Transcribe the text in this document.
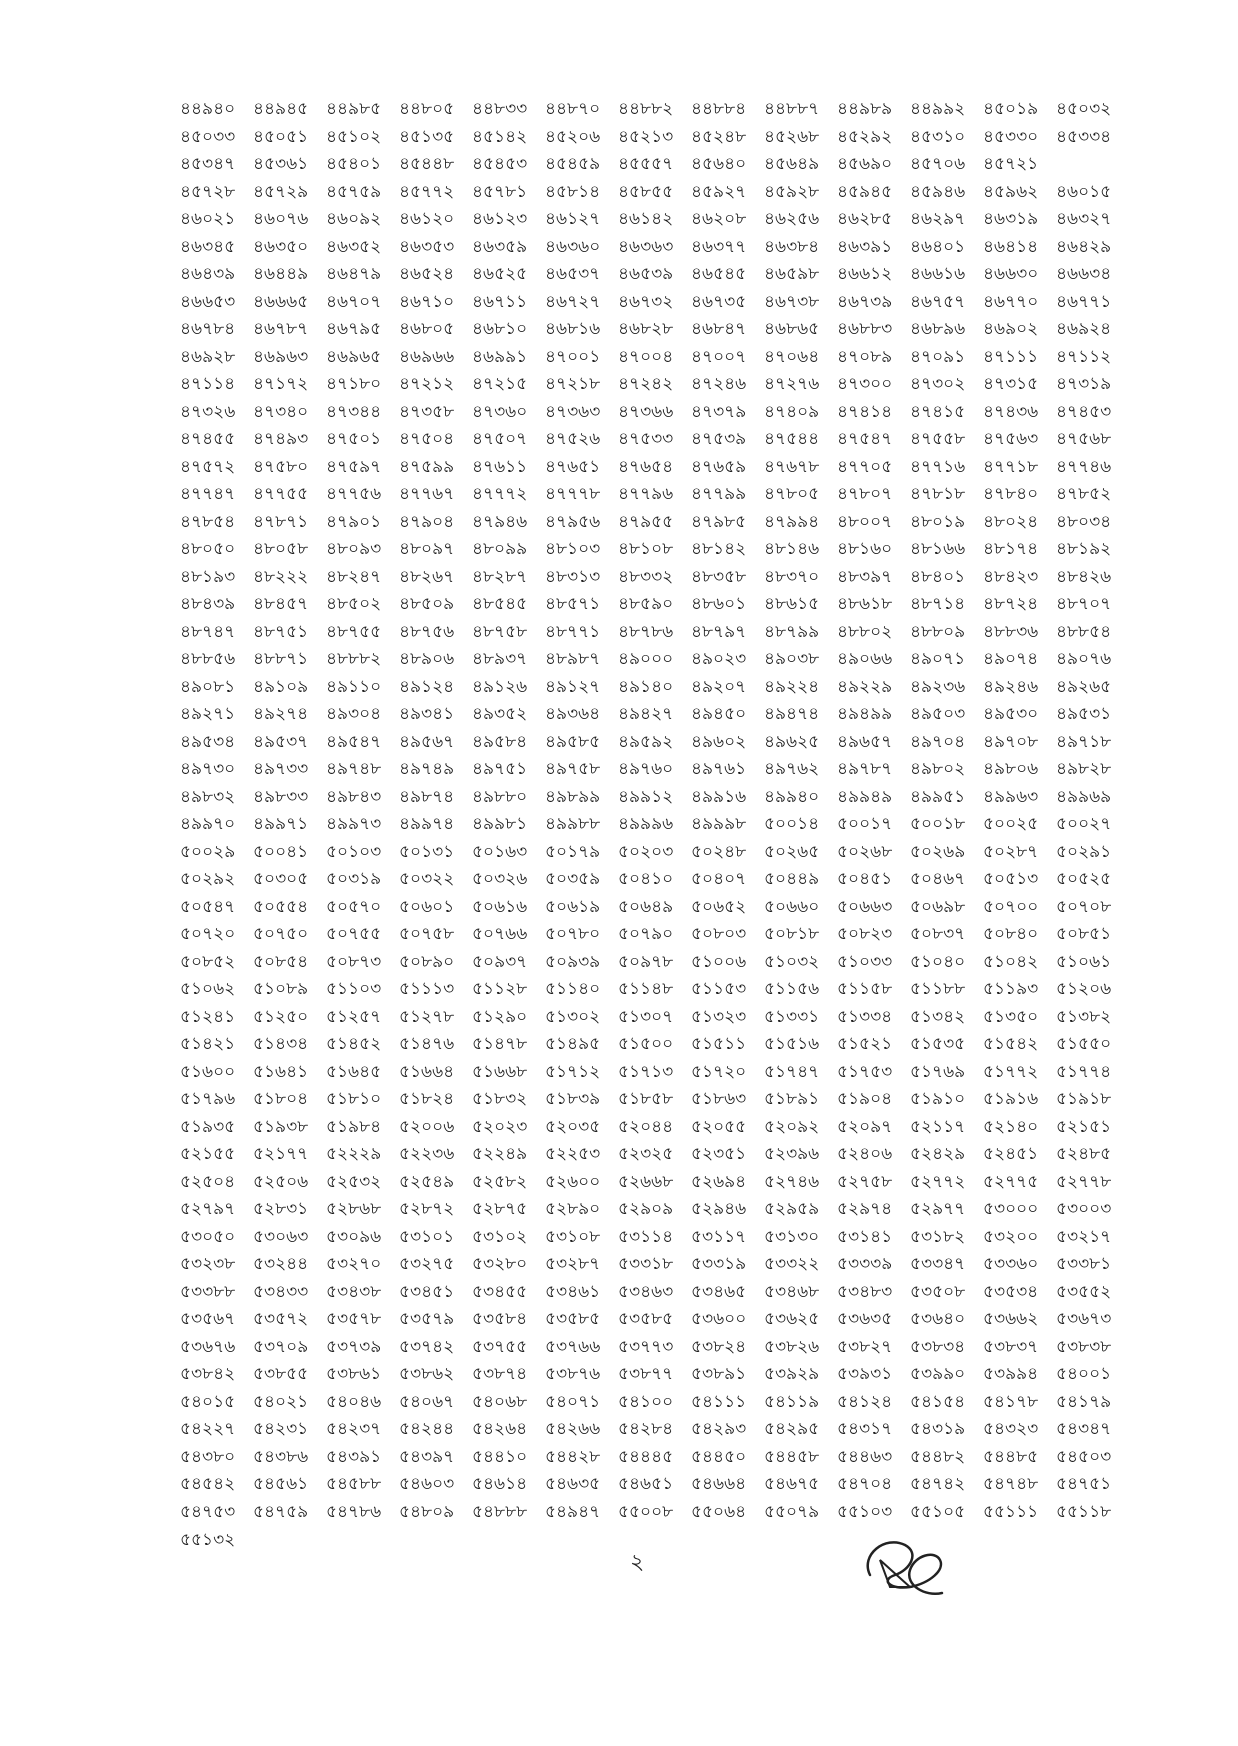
৪৪৯৪০	৪৪৯৪৫	৪৪৯৮৫	৪৪৮০৫	৪৪৮৩৩	৪৪৮৭০	৪৪৮৮২	৪৪৮৮৪	৪৪৮৮৭	৪৪৯৮৯	৪৪৯৯২	৪৫০১৯	৪৫০৩২
৪৫০৩৩	৪৫০৫১	৪৫১০২	৪৫১৩৫	৪৫১৪২	৪৫২০৬	৪৫২১৩	৪৫২৪৮	৪৫২৬৮	৪৫২৯২	৪৫৩১০	৪৫৩৩০	৪৫৩৩৪
৪৫৩৪৭	৪৫৩৬১	৪৫৪০১	৪৫৪৪৮	৪৫৪৫৩	৪৫৪৫৯	৪৫৫৫৭	৪৫৬৪০	৪৫৬৪৯	৪৫৬৯০	৪৫৭০৬	৪৫৭২১
৪৫৭২৮	৪৫৭২৯	৪৫৭৫৯	৪৫৭৭২	৪৫৭৮১	৪৫৮১৪	৪৫৮৫৫	৪৫৯২৭	৪৫৯২৮	৪৫৯৪৫	৪৫৯৪৬	৪৫৯৬২	৪৬০১৫
৪৬০২১	৪৬০৭৬	৪৬০৯২	৪৬১২০	৪৬১২৩	৪৬১২৭	৪৬১৪২	৪৬২০৮	৪৬২৫৬	৪৬২৮৫	৪৬২৯৭	৪৬৩১৯	৪৬৩২৭
৪৬৩৪৫	৪৬৩৫০	৪৬৩৫২	৪৬৩৫৩	৪৬৩৫৯	৪৬৩৬০	৪৬৩৬৩	৪৬৩৭৭	৪৬৩৮৪	৪৬৩৯১	৪৬৪০১	৪৬৪১৪	৪৬৪২৯
৪৬৪৩৯	৪৬৪৪৯	৪৬৪৭৯	৪৬৫২৪	৪৬৫২৫	৪৬৫৩৭	৪৬৫৩৯	৪৬৫৪৫	৪৬৫৯৮	৪৬৬১২	৪৬৬১৬	৪৬৬৩০	৪৬৬৩৪
৪৬৬৫৩	৪৬৬৬৫	৪৬৭০৭	৪৬৭১০	৪৬৭১১	৪৬৭২৭	৪৬৭৩২	৪৬৭৩৫	৪৬৭৩৮	৪৬৭৩৯	৪৬৭৫৭	৪৬৭৭০	৪৬৭৭১
৪৬৭৮৪	৪৬৭৮৭	৪৬৭৯৫	৪৬৮০৫	৪৬৮১০	৪৬৮১৬	৪৬৮২৮	৪৬৮৪৭	৪৬৮৬৫	৪৬৮৮৩	৪৬৮৯৬	৪৬৯০২	৪৬৯২৪
৪৬৯২৮	৪৬৯৬৩	৪৬৯৬৫	৪৬৯৬৬	৪৬৯৯১	৪৭০০১	৪৭০০৪	৪৭০০৭	৪৭০৬৪	৪৭০৮৯	৪৭০৯১	৪৭১১১	৪৭১১২
৪৭১১৪	৪৭১৭২	৪৭১৮০	৪৭২১২	৪৭২১৫	৪৭২১৮	৪৭২৪২	৪৭২৪৬	৪৭২৭৬	৪৭৩০০	৪৭৩০২	৪৭৩১৫	৪৭৩১৯
৪৭৩২৬	৪৭৩৪০	৪৭৩৪৪	৪৭৩৫৮	৪৭৩৬০	৪৭৩৬৩	৪৭৩৬৬	৪৭৩৭৯	৪৭৪০৯	৪৭৪১৪	৪৭৪১৫	৪৭৪৩৬	৪৭৪৫৩
৪৭৪৫৫	৪৭৪৯৩	৪৭৫০১	৪৭৫০৪	৪৭৫০৭	৪৭৫২৬	৪৭৫৩৩	৪৭৫৩৯	৪৭৫৪৪	৪৭৫৪৭	৪৭৫৫৮	৪৭৫৬৩	৪৭৫৬৮
৪৭৫৭২	৪৭৫৮০	৪৭৫৯৭	৪৭৫৯৯	৪৭৬১১	৪৭৬৫১	৪৭৬৫৪	৪৭৬৫৯	৪৭৬৭৮	৪৭৭০৫	৪৭৭১৬	৪৭৭১৮	৪৭৭৪৬
৪৭৭৪৭	৪৭৭৫৫	৪৭৭৫৬	৪৭৭৬৭	৪৭৭৭২	৪৭৭৭৮	৪৭৭৯৬	৪৭৭৯৯	৪৭৮০৫	৪৭৮০৭	৪৭৮১৮	৪৭৮৪০	৪৭৮৫২
৪৭৮৫৪	৪৭৮৭১	৪৭৯০১	৪৭৯০৪	৪৭৯৪৬	৪৭৯৫৬	৪৭৯৫৫	৪৭৯৮৫	৪৭৯৯৪	৪৮০০৭	৪৮০১৯	৪৮০২৪	৪৮০৩৪
৪৮০৫০	৪৮০৫৮	৪৮০৯৩	৪৮০৯৭	৪৮০৯৯	৪৮১০৩	৪৮১০৮	৪৮১৪২	৪৮১৪৬	৪৮১৬০	৪৮১৬৬	৪৮১৭৪	৪৮১৯২
৪৮১৯৩	৪৮২২২	৪৮২৪৭	৪৮২৬৭	৪৮২৮৭	৪৮৩১৩	৪৮৩৩২	৪৮৩৫৮	৪৮৩৭০	৪৮৩৯৭	৪৮৪০১	৪৮৪২৩	৪৮৪২৬
৪৮৪৩৯	৪৮৪৫৭	৪৮৫০২	৪৮৫০৯	৪৮৫৪৫	৪৮৫৭১	৪৮৫৯০	৪৮৬০১	৪৮৬১৫	৪৮৬১৮	৪৮৭১৪	৪৮৭২৪	৪৮৭০৭
৪৮৭৪৭	৪৮৭৫১	৪৮৭৫৫	৪৮৭৫৬	৪৮৭৫৮	৪৮৭৭১	৪৮৭৮৬	৪৮৭৯৭	৪৮৭৯৯	৪৮৮০২	৪৮৮০৯	৪৮৮৩৬	৪৮৮৫৪
৪৮৮৫৬	৪৮৮৭১	৪৮৮৮২	৪৮৯০৬	৪৮৯৩৭	৪৮৯৮৭	৪৯০০০	৪৯০২৩	৪৯০৩৮	৪৯০৬৬	৪৯০৭১	৪৯০৭৪	৪৯০৭৬
৪৯০৮১	৪৯১০৯	৪৯১১০	৪৯১২৪	৪৯১২৬	৪৯১২৭	৪৯১৪০	৪৯২০৭	৪৯২২৪	৪৯২২৯	৪৯২৩৬	৪৯২৪৬	৪৯২৬৫
৪৯২৭১	৪৯২৭৪	৪৯৩০৪	৪৯৩৪১	৪৯৩৫২	৪৯৩৬৪	৪৯৪২৭	৪৯৪৫০	৪৯৪৭৪	৪৯৪৯৯	৪৯৫০৩	৪৯৫৩০	৪৯৫৩১
৪৯৫৩৪	৪৯৫৩৭	৪৯৫৪৭	৪৯৫৬৭	৪৯৫৮৪	৪৯৫৮৫	৪৯৫৯২	৪৯৬০২	৪৯৬২৫	৪৯৬৫৭	৪৯৭০৪	৪৯৭০৮	৪৯৭১৮
৪৯৭৩০	৪৯৭৩৩	৪৯৭৪৮	৪৯৭৪৯	৪৯৭৫১	৪৯৭৫৮	৪৯৭৬০	৪৯৭৬১	৪৯৭৬২	৪৯৭৮৭	৪৯৮০২	৪৯৮০৬	৪৯৮২৮
৪৯৮৩২	৪৯৮৩৩	৪৯৮৪৩	৪৯৮৭৪	৪৯৮৮০	৪৯৮৯৯	৪৯৯১২	৪৯৯১৬	৪৯৯৪০	৪৯৯৪৯	৪৯৯৫১	৪৯৯৬৩	৪৯৯৬৯
৪৯৯৭০	৪৯৯৭১	৪৯৯৭৩	৪৯৯৭৪	৪৯৯৮১	৪৯৯৮৮	৪৯৯৯৬	৪৯৯৯৮	৫০০১৪	৫০০১৭	৫০০১৮	৫০০২৫	৫০০২৭
৫০০২৯	৫০০৪১	৫০১০৩	৫০১৩১	৫০১৬৩	৫০১৭৯	৫০২০৩	৫০২৪৮	৫০২৬৫	৫০২৬৮	৫০২৬৯	৫০২৮৭	৫০২৯১
৫০২৯২	৫০৩০৫	৫০৩১৯	৫০৩২২	৫০৩২৬	৫০৩৫৯	৫০৪১০	৫০৪০৭	৫০৪৪৯	৫০৪৫১	৫০৪৬৭	৫০৫১৩	৫০৫২৫
৫০৫৪৭	৫০৫৫৪	৫০৫৭০	৫০৬০১	৫০৬১৬	৫০৬১৯	৫০৬৪৯	৫০৬৫২	৫০৬৬০	৫০৬৬৩	৫০৬৯৮	৫০৭০০	৫০৭০৮
৫০৭২০	৫০৭৫০	৫০৭৫৫	৫০৭৫৮	৫০৭৬৬	৫০৭৮০	৫০৭৯০	৫০৮০৩	৫০৮১৮	৫০৮২৩	৫০৮৩৭	৫০৮৪০	৫০৮৫১
৫০৮৫২	৫০৮৫৪	৫০৮৭৩	৫০৮৯০	৫০৯৩৭	৫০৯৩৯	৫০৯৭৮	৫১০০৬	৫১০৩২	৫১০৩৩	৫১০৪০	৫১০৪২	৫১০৬১
৫১০৬২	৫১০৮৯	৫১১০৩	৫১১১৩	৫১১২৮	৫১১৪০	৫১১৪৮	৫১১৫৩	৫১১৫৬	৫১১৫৮	৫১১৮৮	৫১১৯৩	৫১২০৬
৫১২৪১	৫১২৫০	৫১২৫৭	৫১২৭৮	৫১২৯০	৫১৩০২	৫১৩০৭	৫১৩২৩	৫১৩৩১	৫১৩৩৪	৫১৩৪২	৫১৩৫০	৫১৩৮২
৫১৪২১	৫১৪৩৪	৫১৪৫২	৫১৪৭৬	৫১৪৭৮	৫১৪৯৫	৫১৫০০	৫১৫১১	৫১৫১৬	৫১৫২১	৫১৫৩৫	৫১৫৪২	৫১৫৫০
৫১৬০০	৫১৬৪১	৫১৬৪৫	৫১৬৬৪	৫১৬৬৮	৫১৭১২	৫১৭১৩	৫১৭২০	৫১৭৪৭	৫১৭৫৩	৫১৭৬৯	৫১৭৭২	৫১৭৭৪
৫১৭৯৬	৫১৮০৪	৫১৮১০	৫১৮২৪	৫১৮৩২	৫১৮৩৯	৫১৮৫৮	৫১৮৬৩	৫১৮৯১	৫১৯০৪	৫১৯১০	৫১৯১৬	৫১৯১৮
৫১৯৩৫	৫১৯৩৮	৫১৯৮৪	৫২০০৬	৫২০২৩	৫২০৩৫	৫২০৪৪	৫২০৫৫	৫২০৯২	৫২০৯৭	৫২১১৭	৫২১৪০	৫২১৫১
৫২১৫৫	৫২১৭৭	৫২২২৯	৫২২৩৬	৫২২৪৯	৫২২৫৩	৫২৩২৫	৫২৩৫১	৫২৩৯৬	৫২৪০৬	৫২৪২৯	৫২৪৫১	৫২৪৮৫
৫২৫০৪	৫২৫০৬	৫২৫৩২	৫২৫৪৯	৫২৫৮২	৫২৬০০	৫২৬৬৮	৫২৬৯৪	৫২৭৪৬	৫২৭৫৮	৫২৭৭২	৫২৭৭৫	৫২৭৭৮
৫২৭৯৭	৫২৮৩১	৫২৮৬৮	৫২৮৭২	৫২৮৭৫	৫২৮৯০	৫২৯০৯	৫২৯৪৬	৫২৯৫৯	৫২৯৭৪	৫২৯৭৭	৫৩০০০	৫৩০০৩
৫৩০৫০	৫৩০৬৩	৫৩০৯৬	৫৩১০১	৫৩১০২	৫৩১০৮	৫৩১১৪	৫৩১১৭	৫৩১৩০	৫৩১৪১	৫৩১৮২	৫৩২০০	৫৩২১৭
৫৩২৩৮	৫৩২৪৪	৫৩২৭০	৫৩২৭৫	৫৩২৮০	৫৩২৮৭	৫৩৩১৮	৫৩৩১৯	৫৩৩২২	৫৩৩৩৯	৫৩৩৪৭	৫৩৩৬০	৫৩৩৮১
৫৩৩৮৮	৫৩৪৩৩	৫৩৪৩৮	৫৩৪৫১	৫৩৪৫৫	৫৩৪৬১	৫৩৪৬৩	৫৩৪৬৫	৫৩৪৬৮	৫৩৪৮৩	৫৩৫০৮	৫৩৫৩৪	৫৩৫৫২
৫৩৫৬৭	৫৩৫৭২	৫৩৫৭৮	৫৩৫৭৯	৫৩৫৮৪	৫৩৫৮৫	৫৩৫৮৫	৫৩৬০০	৫৩৬২৫	৫৩৬৩৫	৫৩৬৪০	৫৩৬৬২	৫৩৬৭৩
৫৩৬৭৬	৫৩৭০৯	৫৩৭৩৯	৫৩৭৪২	৫৩৭৫৫	৫৩৭৬৬	৫৩৭৭৩	৫৩৮২৪	৫৩৮২৬	৫৩৮২৭	৫৩৮৩৪	৫৩৮৩৭	৫৩৮৩৮
৫৩৮৪২	৫৩৮৫৫	৫৩৮৬১	৫৩৮৬২	৫৩৮৭৪	৫৩৮৭৬	৫৩৮৭৭	৫৩৮৯১	৫৩৯২৯	৫৩৯৩১	৫৩৯৯০	৫৩৯৯৪	৫৪০০১
৫৪০১৫	৫৪০২১	৫৪০৪৬	৫৪০৬৭	৫৪০৬৮	৫৪০৭১	৫৪১০০	৫৪১১১	৫৪১১৯	৫৪১২৪	৫৪১৫৪	৫৪১৭৮	৫৪১৭৯
৫৪২২৭	৫৪২৩১	৫৪২৩৭	৫৪২৪৪	৫৪২৬৪	৫৪২৬৬	৫৪২৮৪	৫৪২৯৩	৫৪২৯৫	৫৪৩১৭	৫৪৩১৯	৫৪৩২৩	৫৪৩৪৭
৫৪৩৮০	৫৪৩৮৬	৫৪৩৯১	৫৪৩৯৭	৫৪৪১০	৫৪৪২৮	৫৪৪৪৫	৫৪৪৫০	৫৪৪৫৮	৫৪৪৬৩	৫৪৪৮২	৫৪৪৮৫	৫৪৫০৩
৫৪৫৪২	৫৪৫৬১	৫৪৫৮৮	৫৪৬০৩	৫৪৬১৪	৫৪৬৩৫	৫৪৬৫১	৫৪৬৬৪	৫৪৬৭৫	৫৪৭০৪	৫৪৭৪২	৫৪৭৪৮	৫৪৭৫১
৫৪৭৫৩	৫৪৭৫৯	৫৪৭৮৬	৫৪৮০৯	৫৪৮৮৮	৫৪৯৪৭	৫৫০০৮	৫৫০৬৪	৫৫০৭৯	৫৫১০৩	৫৫১০৫	৫৫১১১	৫৫১১৮
৫৫১৩২
২
